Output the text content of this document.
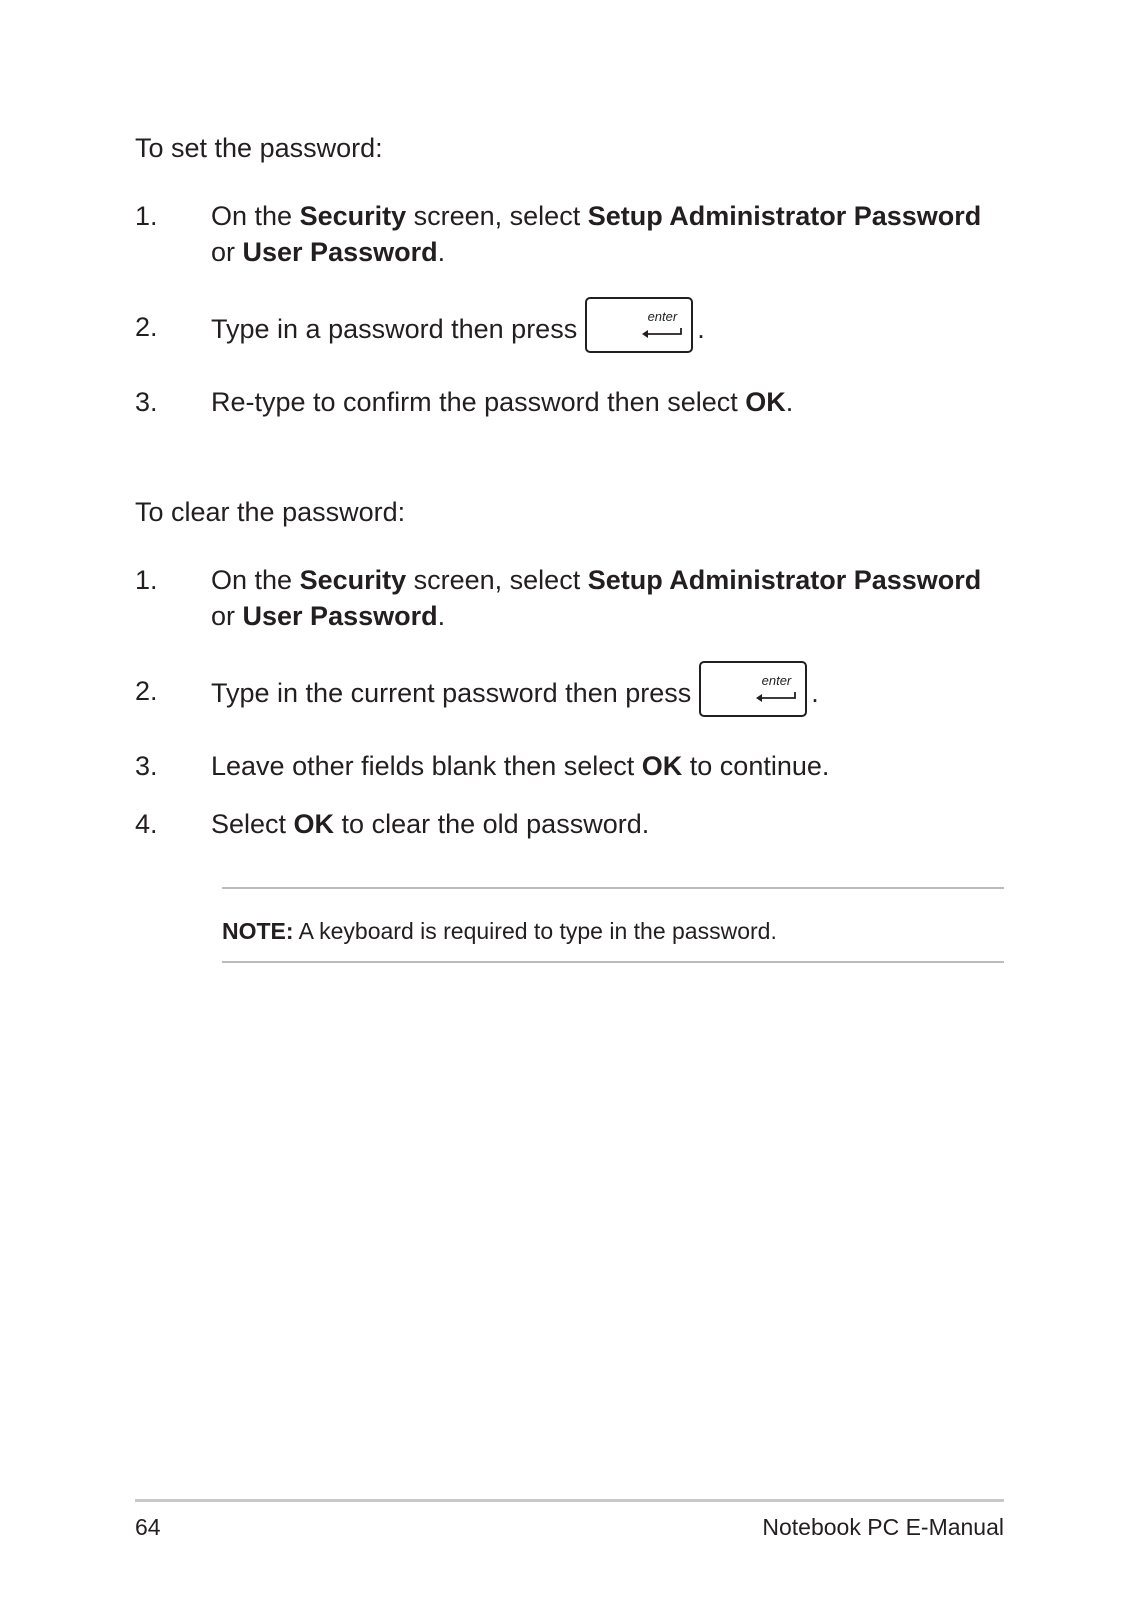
To set the password:
1.	On the Security screen, select Setup Administrator Password
or User Password.
2.	Type in a password then press	enter .
3.	Re-type to confirm the password then select OK.
To clear the password:
1.	On the Security screen, select Setup Administrator Password
or User Password.
2.	Type in the current password then press	enter .
3.	Leave other fields blank then select OK to continue.
4.	Select OK to clear the old password.
NOTE: A keyboard is required to type in the password.
64	Notebook PC E-Manual
